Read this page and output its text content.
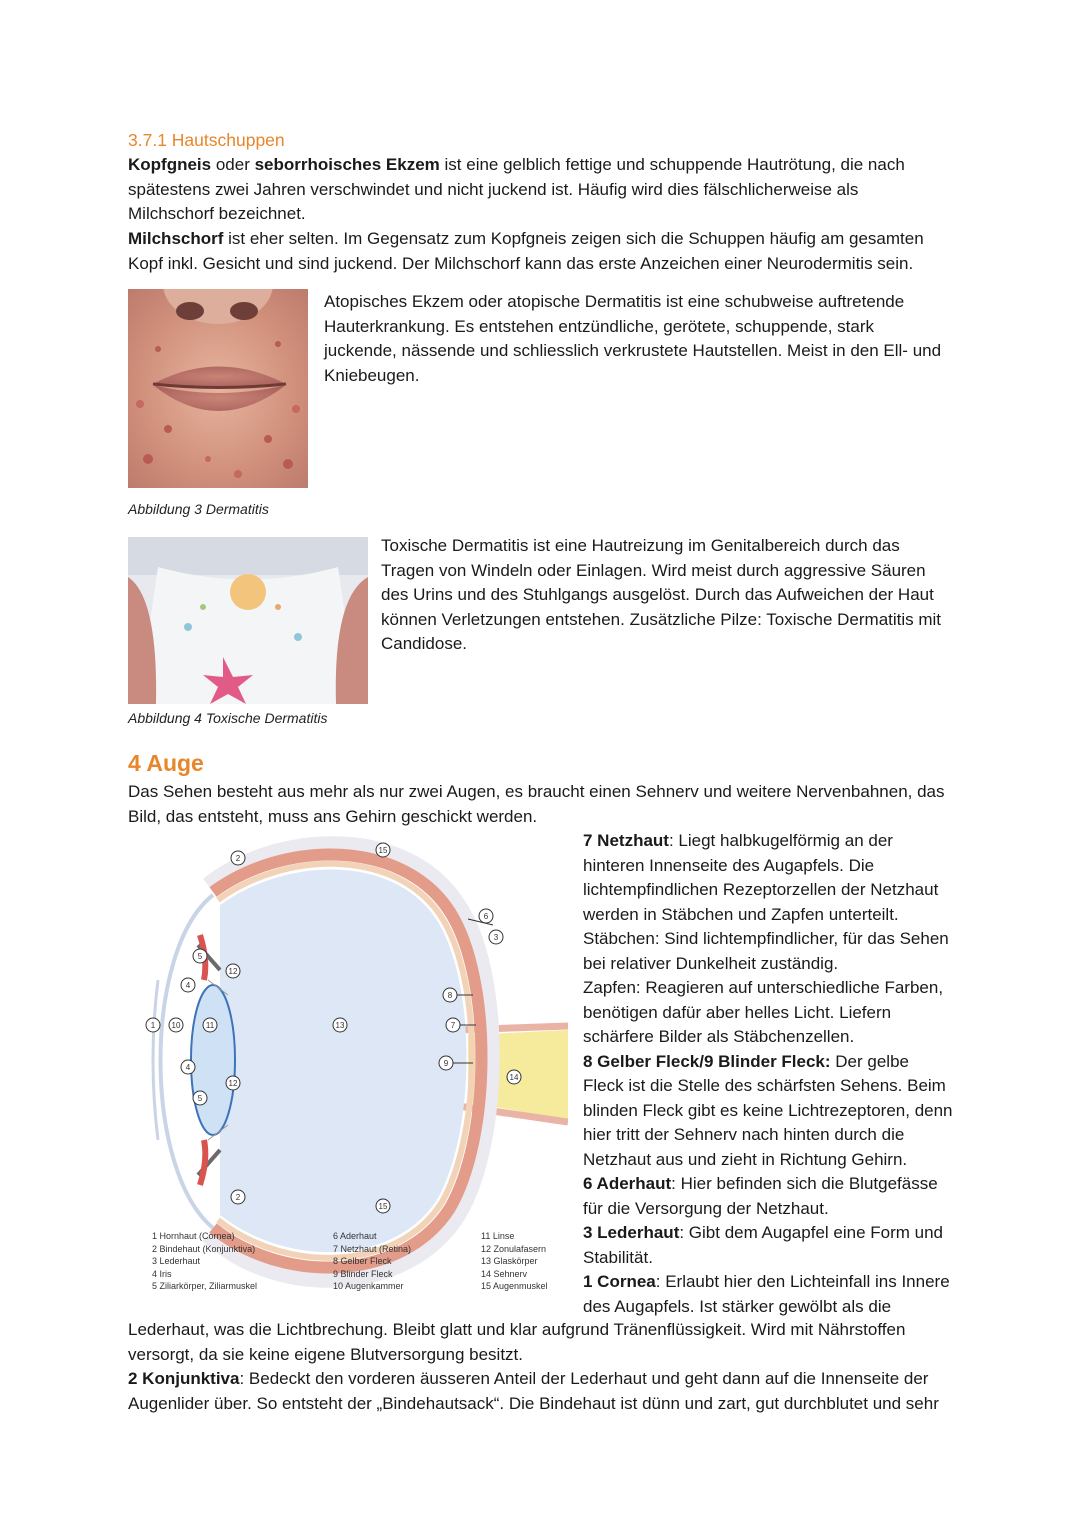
3.7.1 Hautschuppen
Kopfgneis oder seborrhoisches Ekzem ist eine gelblich fettige und schuppende Hautrötung, die nach spätestens zwei Jahren verschwindet und nicht juckend ist. Häufig wird dies fälschlicherweise als Milchschorf bezeichnet.
Milchschorf ist eher selten. Im Gegensatz zum Kopfgneis zeigen sich die Schuppen häufig am gesamten Kopf inkl. Gesicht und sind juckend. Der Milchschorf kann das erste Anzeichen einer Neurodermitis sein.
Atopisches Ekzem oder atopische Dermatitis ist eine schubweise auftretende Hauterkrankung. Es entstehen entzündliche, gerötete, schuppende, stark juckende, nässende und schliesslich verkrustete Hautstellen. Meist in den Ell- und Kniebeugen.
Abbildung 3 Dermatitis
Toxische Dermatitis ist eine Hautreizung im Genitalbereich durch das Tragen von Windeln oder Einlagen. Wird meist durch aggressive Säuren des Urins und des Stuhlgangs ausgelöst. Durch das Aufweichen der Haut können Verletzungen entstehen. Zusätzliche Pilze: Toxische Dermatitis mit Candidose.
Abbildung 4 Toxische Dermatitis
4 Auge
Das Sehen besteht aus mehr als nur zwei Augen, es braucht einen Sehnerv und weitere Nervenbahnen, das Bild, das entsteht, muss ans Gehirn geschickt werden.
2
15
6
3
5
12
4
8
7
1 10	11	13
9
14
4
12
5
2
15
1 Hornhaut (Cornea)
2 Bindehaut (Konjunktiva)
3 Lederhaut
4 Iris
5 Ziliarkörper, Ziliarmuskel
6 Aderhaut
7 Netzhaut (Retina)
8 Gelber Fleck
9 Blinder Fleck
10 Augenkammer
11 Linse
12 Zonulafasern
13 Glaskörper
14 Sehnerv
15 Augenmuskel
7 Netzhaut: Liegt halbkugelförmig an der hinteren Innenseite des Augapfels. Die lichtempfindlichen Rezeptorzellen der Netzhaut werden in Stäbchen und Zapfen unterteilt.
Stäbchen: Sind lichtempfindlicher, für das Sehen bei relativer Dunkelheit zuständig.
Zapfen: Reagieren auf unterschiedliche Farben, benötigen dafür aber helles Licht. Liefern schärfere Bilder als Stäbchenzellen.
8 Gelber Fleck/9 Blinder Fleck: Der gelbe Fleck ist die Stelle des schärfsten Sehens. Beim blinden Fleck gibt es keine Lichtrezeptoren, denn hier tritt der Sehnerv nach hinten durch die Netzhaut aus und zieht in Richtung Gehirn.
6 Aderhaut: Hier befinden sich die Blutgefässe für die Versorgung der Netzhaut.
3 Lederhaut: Gibt dem Augapfel eine Form und Stabilität.
1 Cornea: Erlaubt hier den Lichteinfall ins Innere des Augapfels. Ist stärker gewölbt als die
Lederhaut, was die Lichtbrechung. Bleibt glatt und klar aufgrund Tränenflüssigkeit. Wird mit Nährstoffen versorgt, da sie keine eigene Blutversorgung besitzt.
2 Konjunktiva: Bedeckt den vorderen äusseren Anteil der Lederhaut und geht dann auf die Innenseite der Augenlider über. So entsteht der „Bindehautsack“. Die Bindehaut ist dünn und zart, gut durchblutet und sehr
